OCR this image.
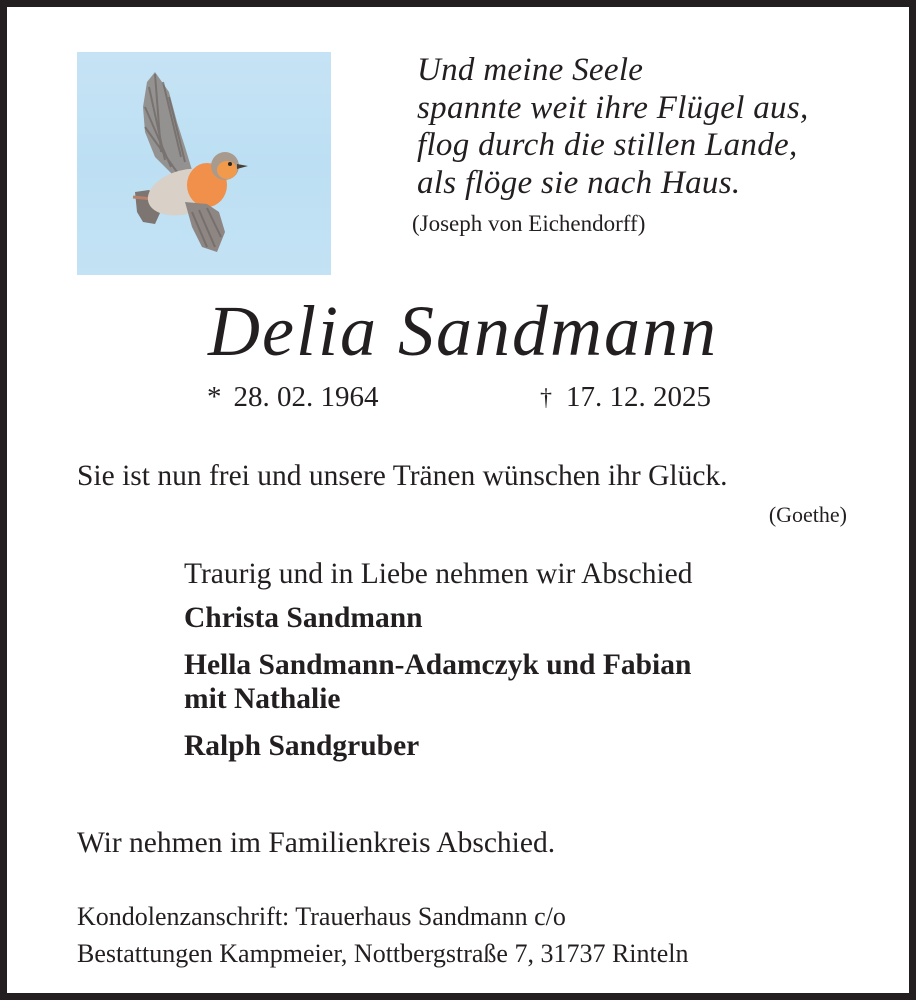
Und meine Seele
spannte weit ihre Flügel aus,
flog durch die stillen Lande,
als flöge sie nach Haus.
(Joseph von Eichendorff)
Delia Sandmann
* 28. 02. 1964	† 17. 12. 2025
Sie ist nun frei und unsere Tränen wünschen ihr Glück.
(Goethe)
Traurig und in Liebe nehmen wir Abschied
Christa Sandmann
Hella Sandmann-Adamczyk und Fabian
mit Nathalie
Ralph Sandgruber
Wir nehmen im Familienkreis Abschied.
Kondolenzanschrift: Trauerhaus Sandmann c/o
Bestattungen Kampmeier, Nottbergstraße 7, 31737 Rinteln
